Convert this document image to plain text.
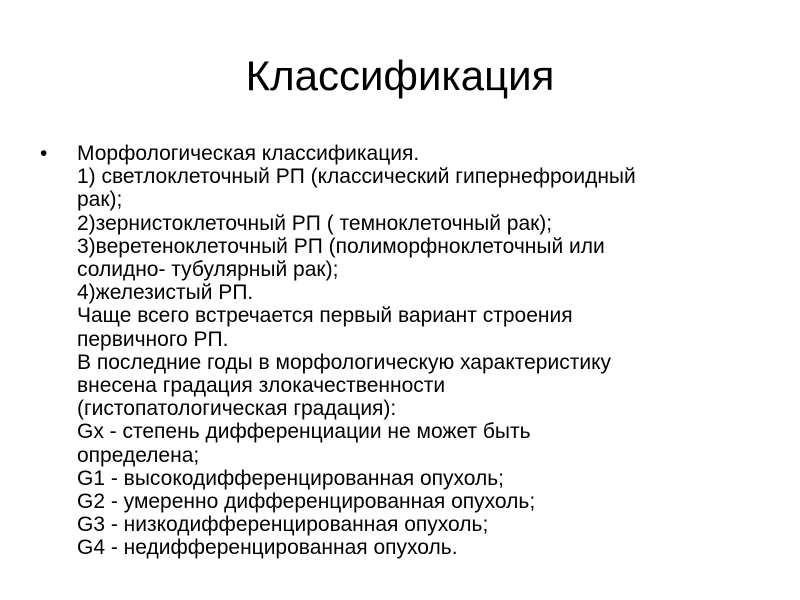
Классификация
• Морфологическая классификация.
1) светлоклеточный РП (классический гипернефроидный
рак);
2)зернистоклеточный РП ( темноклеточный рак);
3)веретеноклеточный РП (полиморфноклеточный или
солидно- тубулярный рак);
4)железистый РП.
Чаще всего встречается первый вариант строения
первичного РП.
В последние годы в морфологическую характеристику
внесена градация злокачественности
(гистопатологическая градация):
Gx - степень дифференциации не может быть
определена;
G1 - высокодифференцированная опухоль;
G2 - умеренно дифференцированная опухоль;
G3 - низкодифференцированная опухоль;
G4 - недифференцированная опухоль.
